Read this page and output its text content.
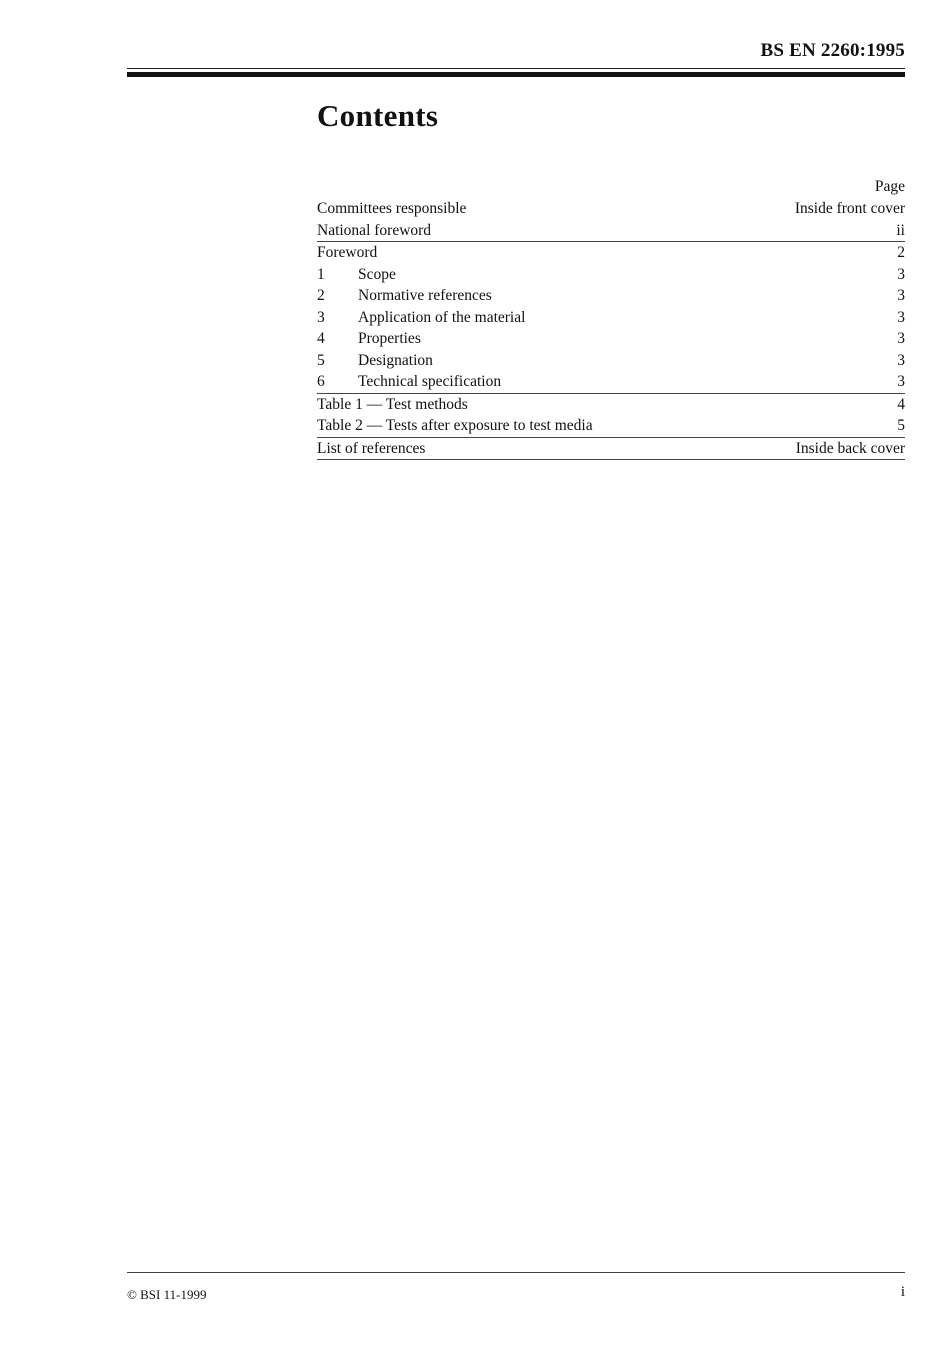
BS EN 2260:1995
Contents
Page
Committees responsible	Inside front cover
National foreword	ii
Foreword	2
1	Scope	3
2	Normative references	3
3	Application of the material	3
4	Properties	3
5	Designation	3
6	Technical specification	3
Table 1 — Test methods	4
Table 2 — Tests after exposure to test media	5
List of references	Inside back cover
© BSI 11-1999	i
